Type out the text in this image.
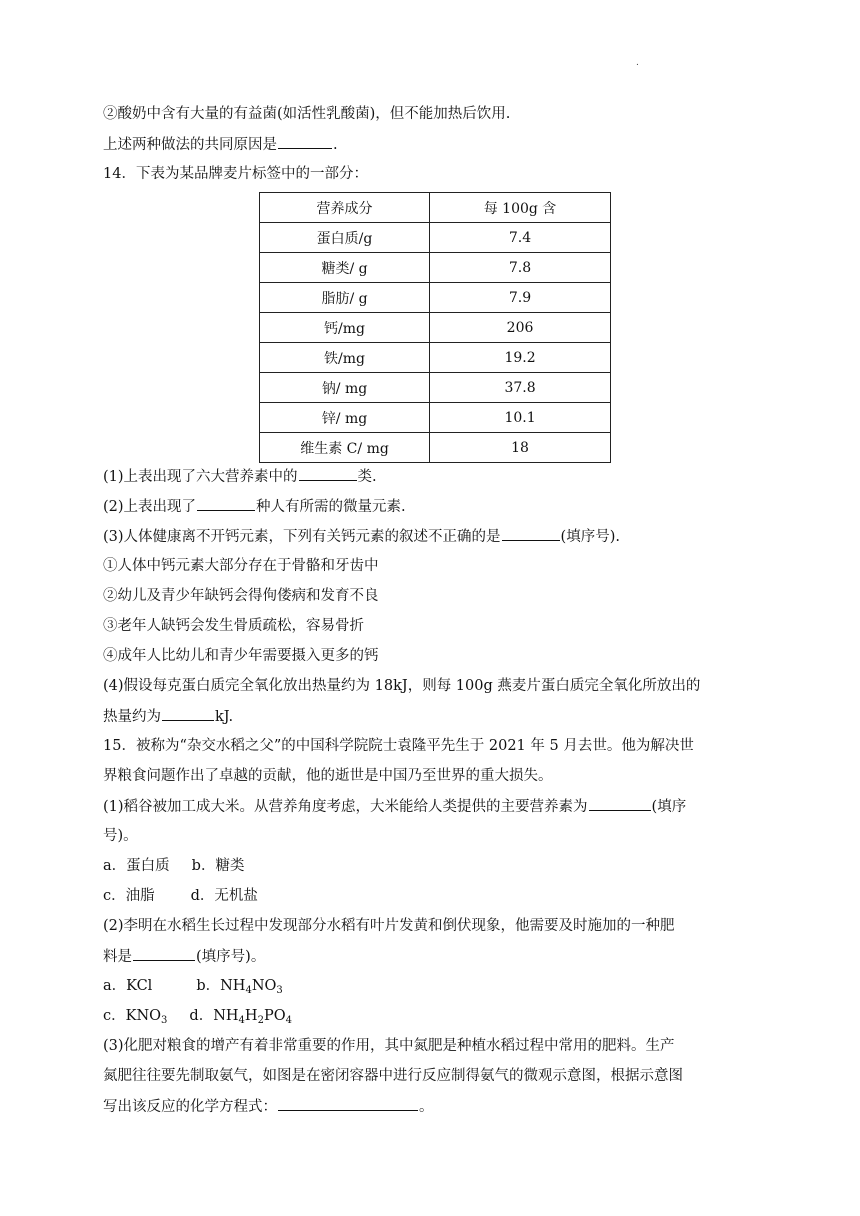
.
②酸奶中含有大量的有益菌(如活性乳酸菌)，但不能加热后饮用.
上述两种做法的共同原因是	.
14．下表为某品牌麦片标签中的一部分：
营养成分	每 100g 含
蛋白质/g	7.4
糖类/ g	7.8
脂肪/ g	7.9
钙/mg	206
铁/mg	19.2
钠/ mg	37.8
锌/ mg	10.1
维生素 C/ mg	18
(1)上表出现了六大营养素中的	类.
(2)上表出现了	种人有所需的微量元素.
(3)人体健康离不开钙元素，下列有关钙元素的叙述不正确的是	(填序号).
①人体中钙元素大部分存在于骨骼和牙齿中
②幼儿及青少年缺钙会得佝偻病和发育不良
③老年人缺钙会发生骨质疏松，容易骨折
④成年人比幼儿和青少年需要摄入更多的钙
(4)假设每克蛋白质完全氧化放出热量约为 18kJ，则每 100g 燕麦片蛋白质完全氧化所放出的
热量约为	kJ.
15．被称为“杂交水稻之父”的中国科学院院士袁隆平先生于 2021 年 5 月去世。他为解决世
界粮食问题作出了卓越的贡献，他的逝世是中国乃至世界的重大损失。
(1)稻谷被加工成大米。从营养角度考虑，大米能给人类提供的主要营养素为	(填序
号)。
a．蛋白质 b．糖类
c．油脂 d．无机盐
(2)李明在水稻生长过程中发现部分水稻有叶片发黄和倒伏现象，他需要及时施加的一种肥
料是	(填序号)。
a．KCl	b．$NH_4NO_3$
c．$KNO_3$ d．$NH_4H_2PO_4$
(3)化肥对粮食的增产有着非常重要的作用，其中氮肥是种植水稻过程中常用的肥料。生产
氮肥往往要先制取氨气，如图是在密闭容器中进行反应制得氨气的微观示意图，根据示意图
写出该反应的化学方程式：	。
